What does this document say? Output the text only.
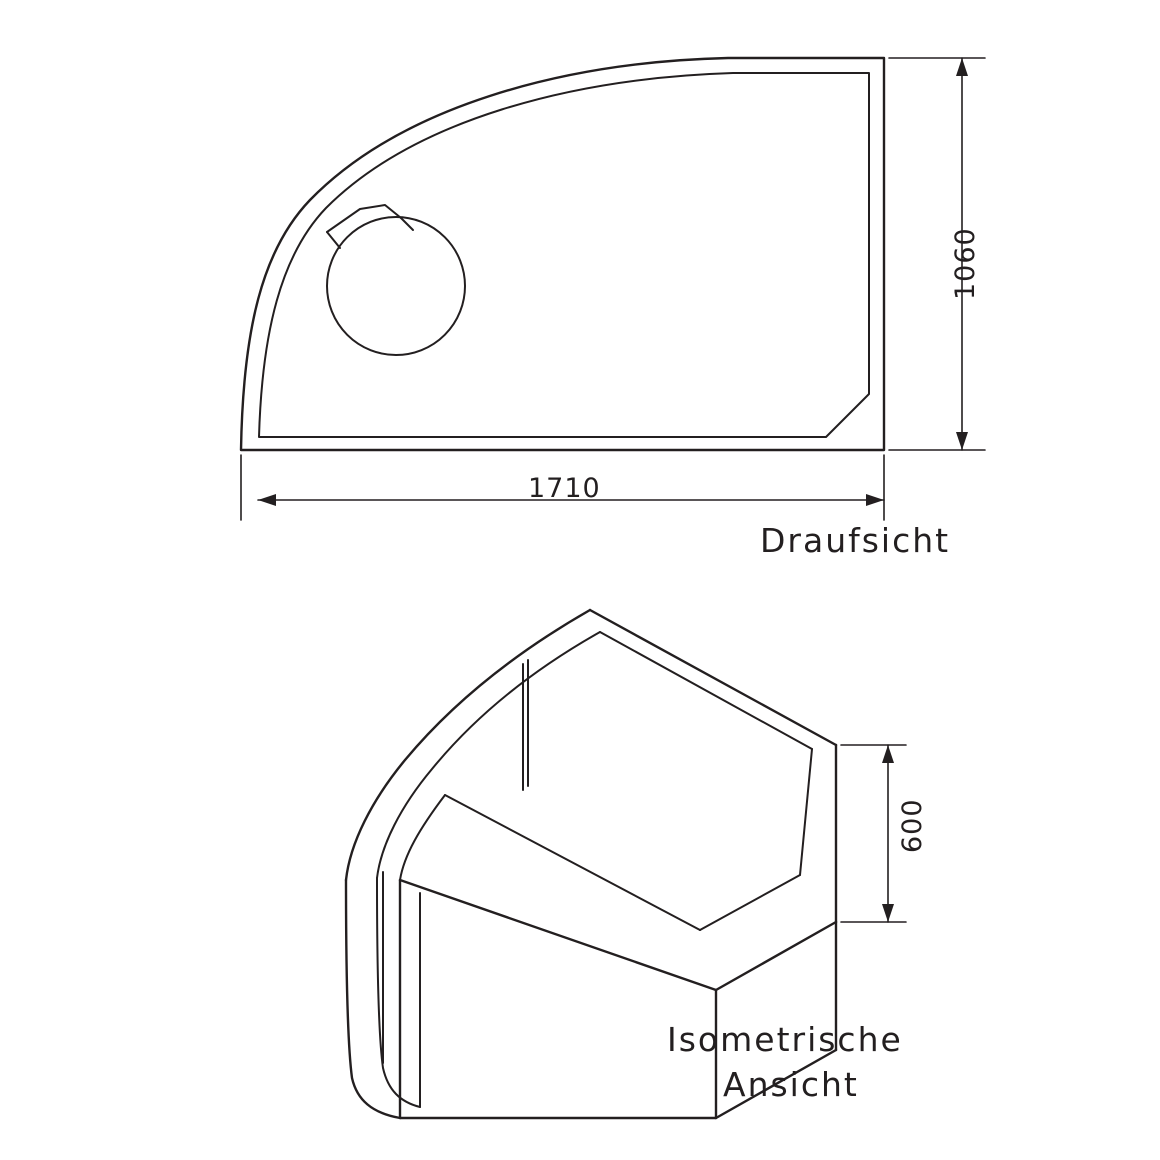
1060
1710
600
Draufsicht
Isometrische
Ansicht
